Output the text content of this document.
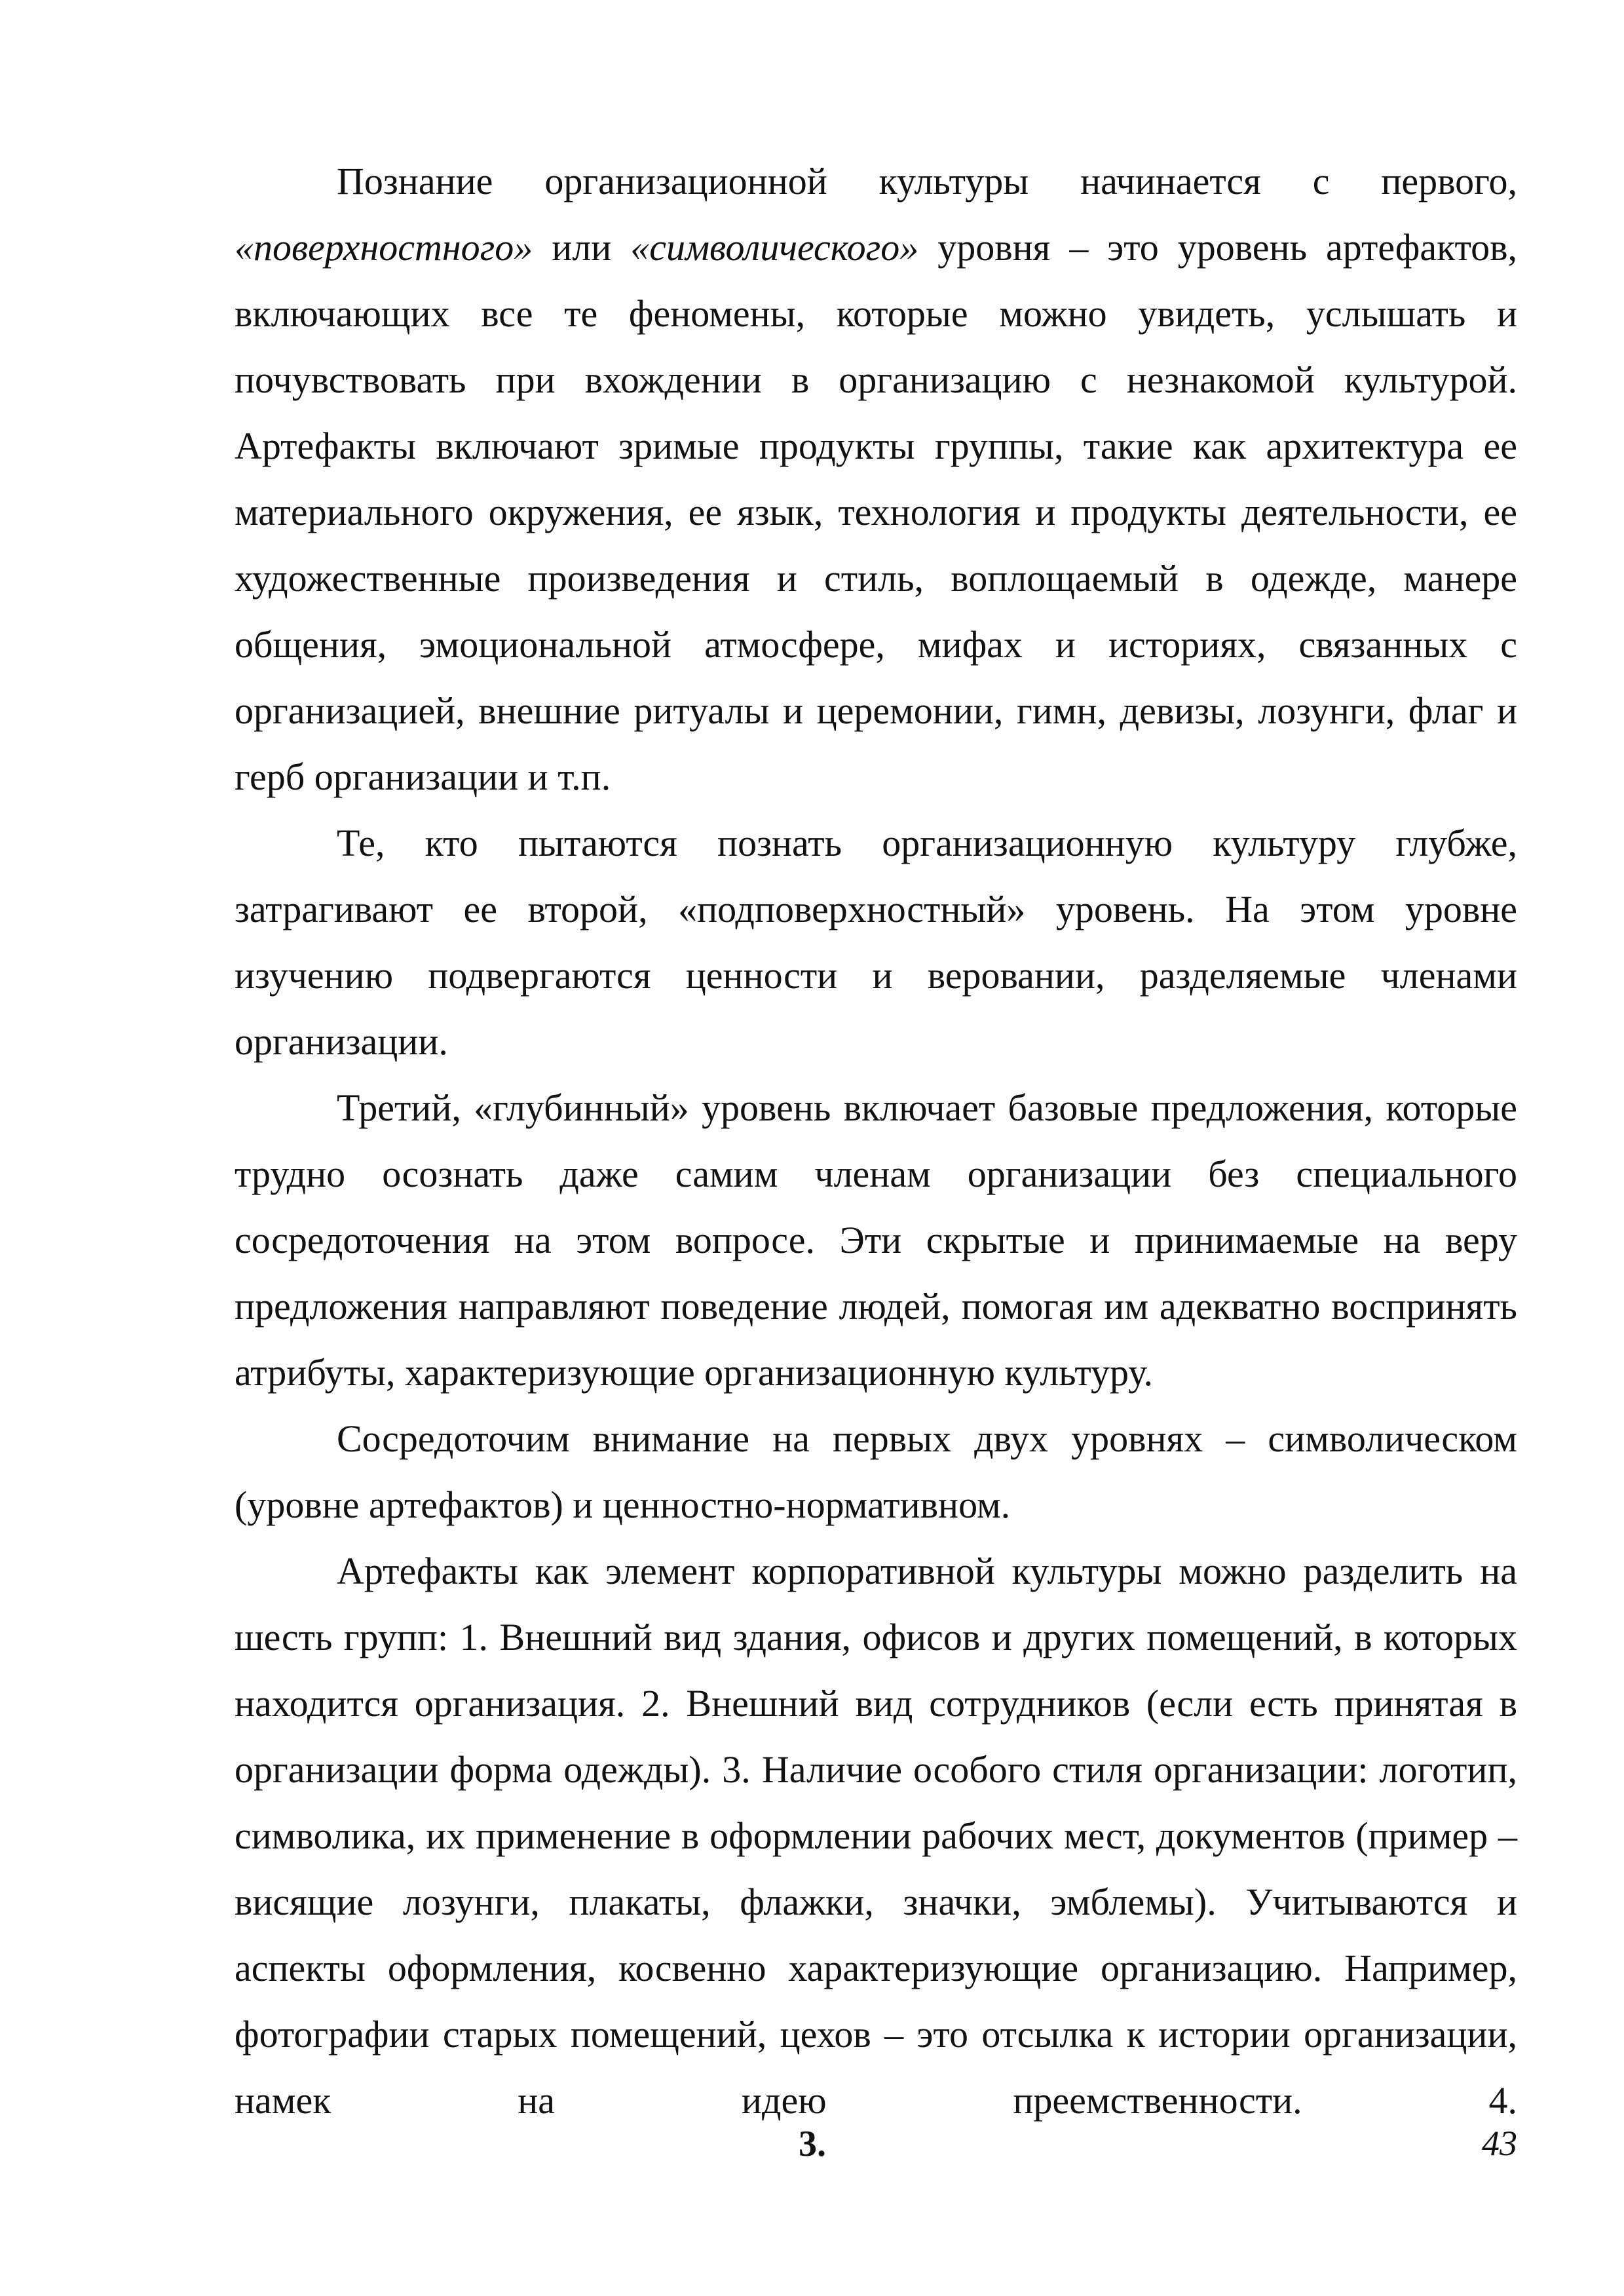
Познание организационной культуры начинается с первого, «поверхностного» или «символического» уровня – это уровень артефактов, включающих все те феномены, которые можно увидеть, услышать и почувствовать при вхождении в организацию с незнакомой культурой. Артефакты включают зримые продукты группы, такие как архитектура ее материального окружения, ее язык, технология и продукты деятельности, ее художественные произведения и стиль, воплощаемый в одежде, манере общения, эмоциональной атмосфере, мифах и историях, связанных с организацией, внешние ритуалы и церемонии, гимн, девизы, лозунги, флаг и герб организации и т.п.

Те, кто пытаются познать организационную культуру глубже, затрагивают ее второй, «подповерхностный» уровень. На этом уровне изучению подвергаются ценности и веровании, разделяемые членами организации.

Третий, «глубинный» уровень включает базовые предложения, которые трудно осознать даже самим членам организации без специального сосредоточения на этом вопросе. Эти скрытые и принимаемые на веру предложения направляют поведение людей, помогая им адекватно воспринять атрибуты, характеризующие организационную культуру.

Сосредоточим внимание на первых двух уровнях – символическом (уровне артефактов) и ценностно-нормативном.

Артефакты как элемент корпоративной культуры можно разделить на шесть групп: 1. Внешний вид здания, офисов и других помещений, в которых находится организация. 2. Внешний вид сотрудников (если есть принятая в организации форма одежды). 3. Наличие особого стиля организации: логотип, символика, их применение в оформлении рабочих мест, документов (пример – висящие лозунги, плакаты, флажки, значки, эмблемы). Учитываются и аспекты оформления, косвенно характеризующие организацию. Например, фотографии старых помещений, цехов – это отсылка к истории организации, намек на идею преемственности. 4.

3.	43
